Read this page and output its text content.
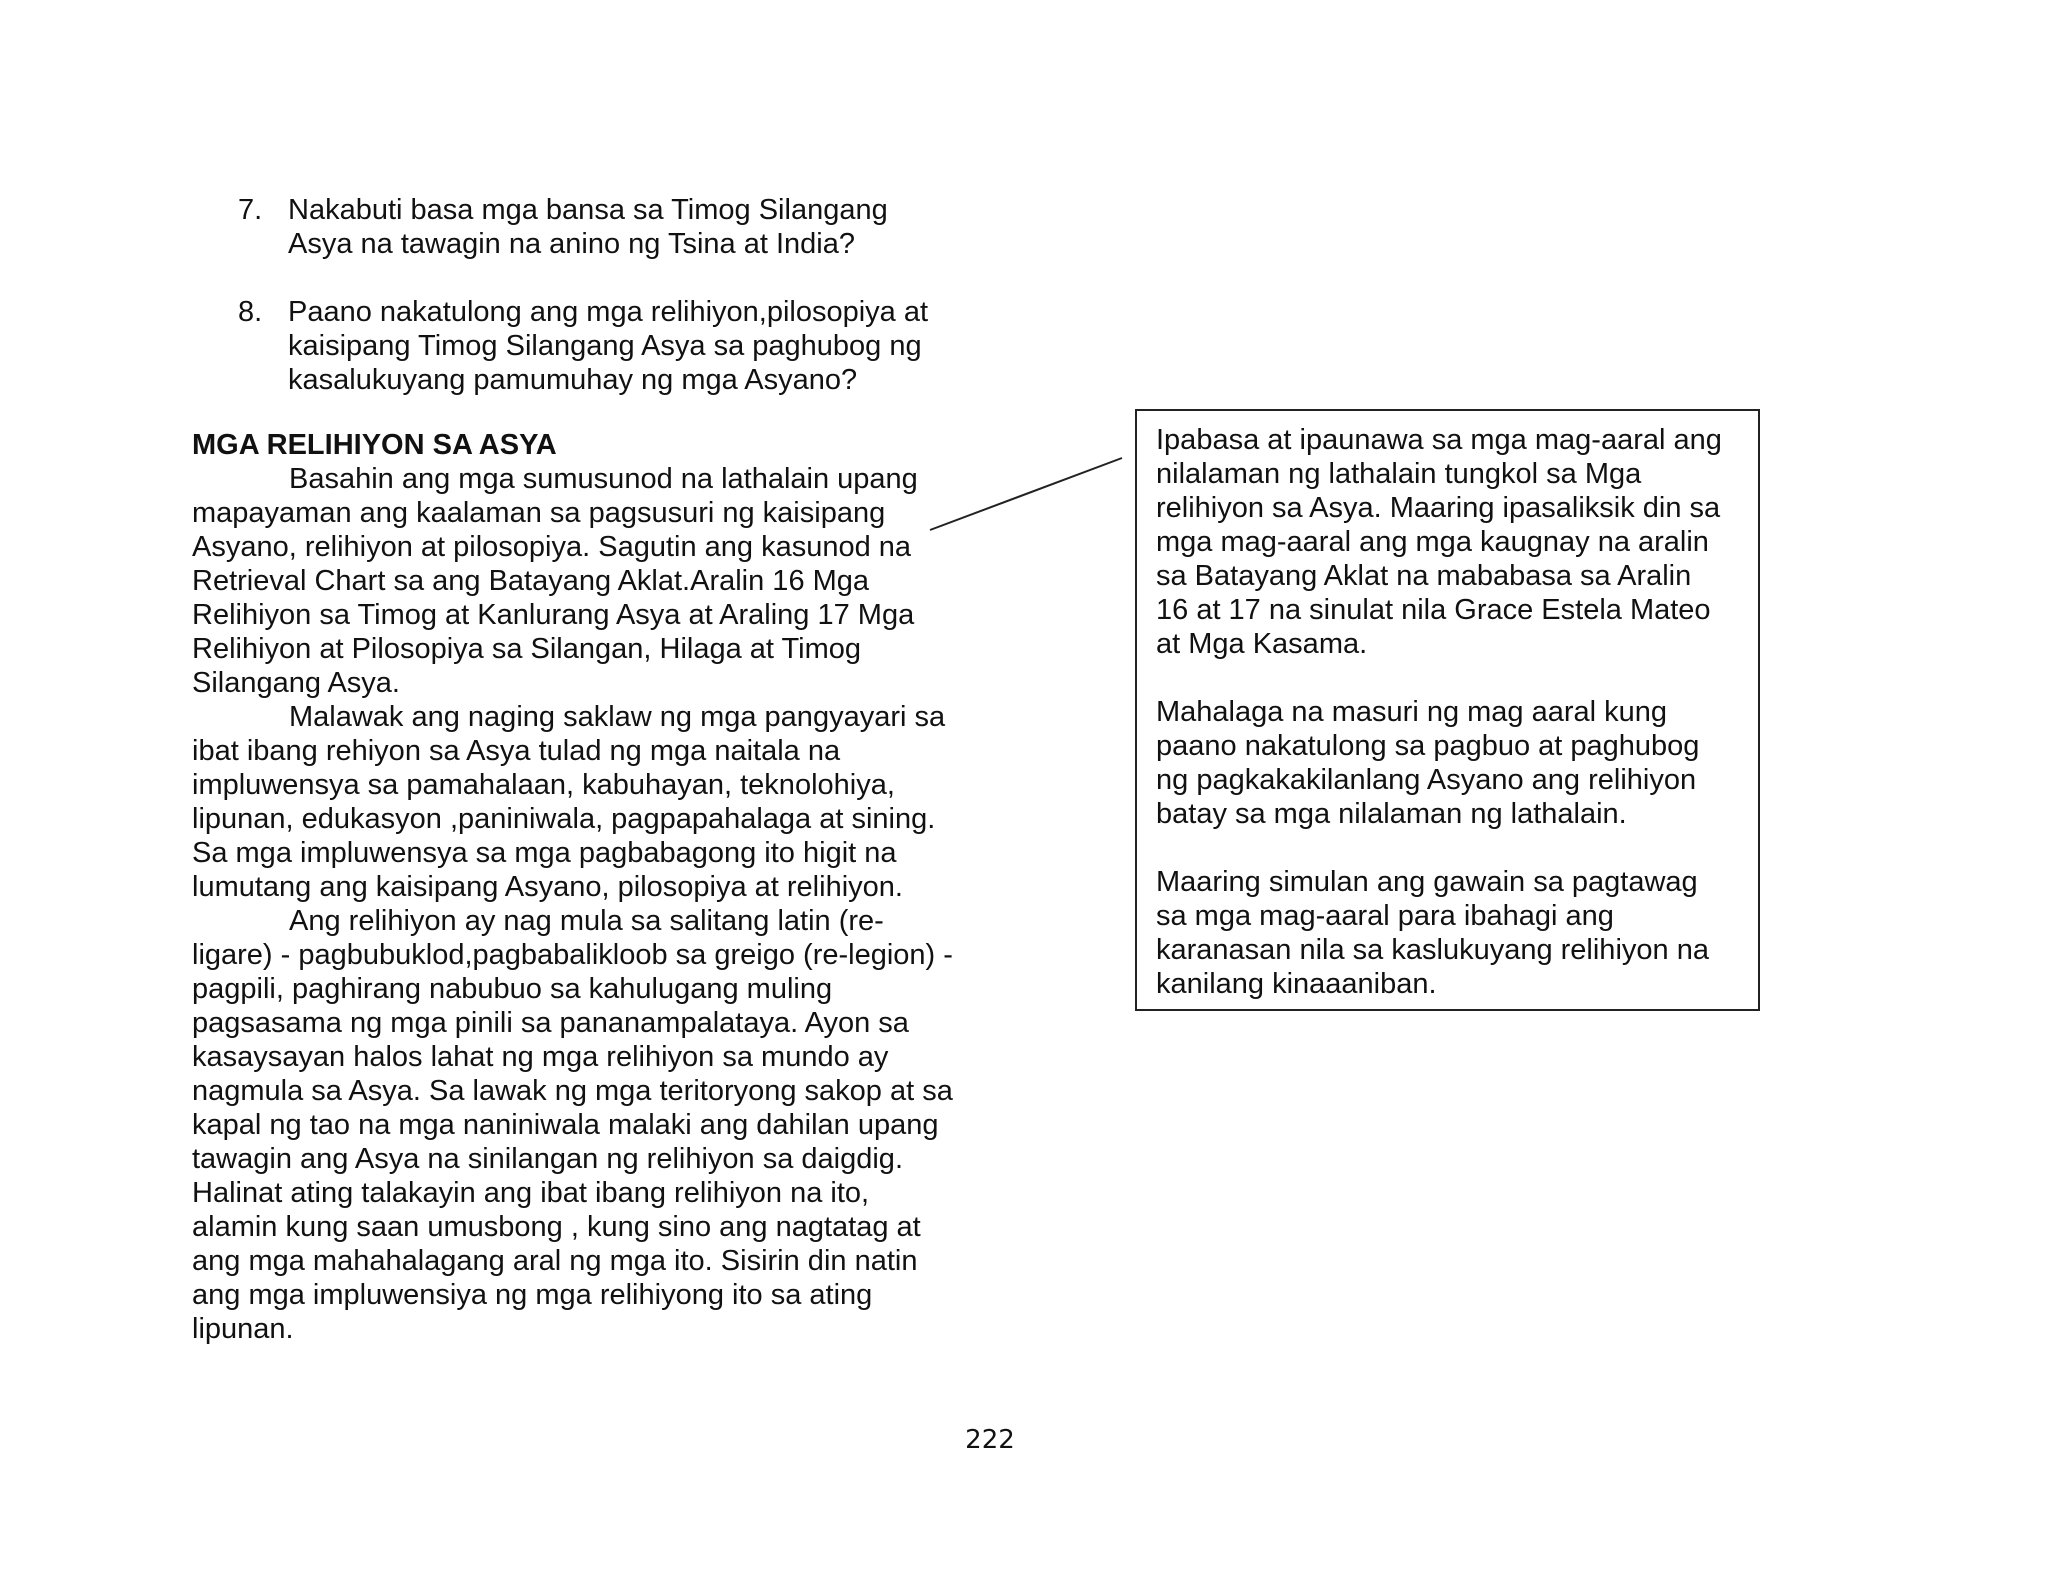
7. Nakabuti basa mga bansa sa Timog Silangang
Asya na tawagin na anino ng Tsina at India?
8. Paano nakatulong ang mga relihiyon,pilosopiya at
kaisipang Timog Silangang Asya sa paghubog ng
kasalukuyang pamumuhay ng mga Asyano?
MGA RELIHIYON SA ASYA
Basahin ang mga sumusunod na lathalain upang
mapayaman ang kaalaman sa pagsusuri ng kaisipang
Asyano, relihiyon at pilosopiya. Sagutin ang kasunod na
Retrieval Chart sa ang Batayang Aklat.Aralin 16 Mga
Relihiyon sa Timog at Kanlurang Asya at Araling 17 Mga
Relihiyon at Pilosopiya sa Silangan, Hilaga at Timog
Silangang Asya.
Malawak ang naging saklaw ng mga pangyayari sa
ibat ibang rehiyon sa Asya tulad ng mga naitala na
impluwensya sa pamahalaan, kabuhayan, teknolohiya,
lipunan, edukasyon ,paniniwala, pagpapahalaga at sining.
Sa mga impluwensya sa mga pagbabagong ito higit na
lumutang ang kaisipang Asyano, pilosopiya at relihiyon.
Ang relihiyon ay nag mula sa salitang latin (re-
ligare) - pagbubuklod,pagbabalikloob sa greigo (re-legion) -
pagpili, paghirang nabubuo sa kahulugang muling
pagsasama ng mga pinili sa pananampalataya. Ayon sa
kasaysayan halos lahat ng mga relihiyon sa mundo ay
nagmula sa Asya. Sa lawak ng mga teritoryong sakop at sa
kapal ng tao na mga naniniwala malaki ang dahilan upang
tawagin ang Asya na sinilangan ng relihiyon sa daigdig.
Halinat ating talakayin ang ibat ibang relihiyon na ito,
alamin kung saan umusbong , kung sino ang nagtatag at
ang mga mahahalagang aral ng mga ito. Sisirin din natin
ang mga impluwensiya ng mga relihiyong ito sa ating
lipunan.
Ipabasa at ipaunawa sa mga mag-aaral ang
nilalaman ng lathalain tungkol sa Mga
relihiyon sa Asya. Maaring ipasaliksik din sa
mga mag-aaral ang mga kaugnay na aralin
sa Batayang Aklat na mababasa sa Aralin
16 at 17 na sinulat nila Grace Estela Mateo
at Mga Kasama.
Mahalaga na masuri ng mag aaral kung
paano nakatulong sa pagbuo at paghubog
ng pagkakakilanlang Asyano ang relihiyon
batay sa mga nilalaman ng lathalain.
Maaring simulan ang gawain sa pagtawag
sa mga mag-aaral para ibahagi ang
karanasan nila sa kaslukuyang relihiyon na
kanilang kinaaaniban.
222
